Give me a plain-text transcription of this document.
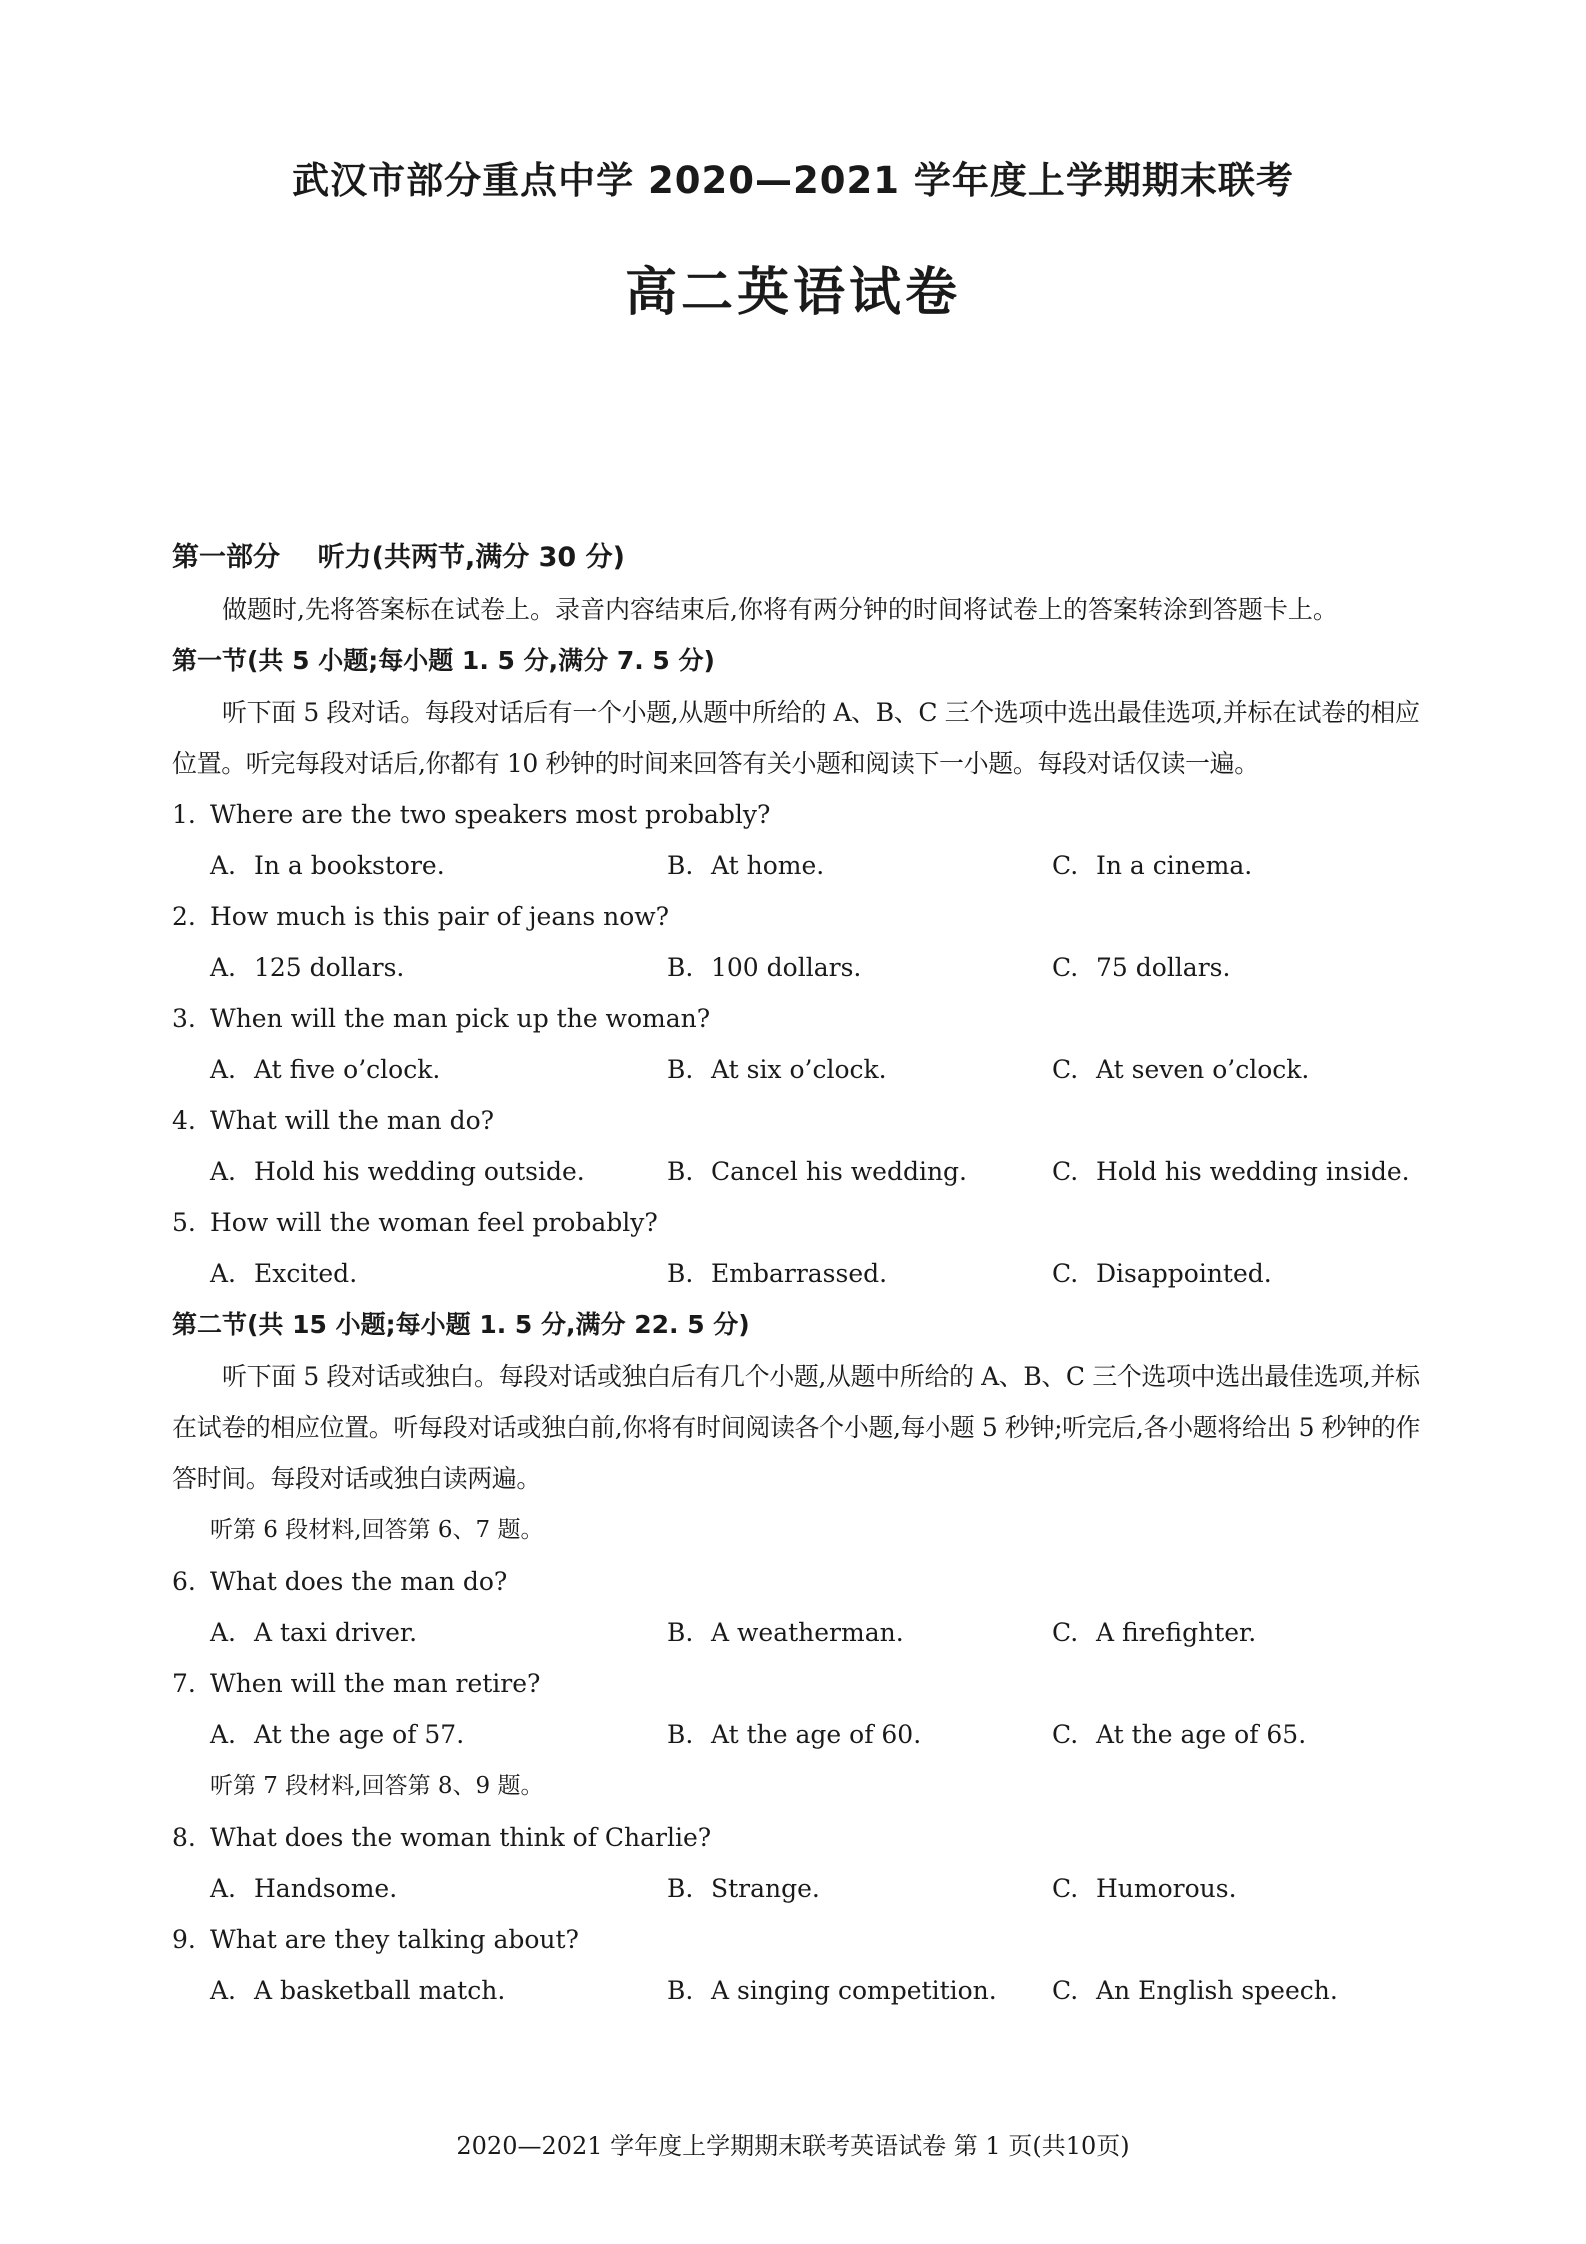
武汉市部分重点中学 2020—2021 学年度上学期期末联考
高二英语试卷
第一部分    听力(共两节,满分 30 分)
做题时,先将答案标在试卷上。录音内容结束后,你将有两分钟的时间将试卷上的答案转涂到答题卡上。
第一节(共 5 小题;每小题 1. 5 分,满分 7. 5 分)
听下面 5 段对话。每段对话后有一个小题,从题中所给的 A、B、C 三个选项中选出最佳选项,并标在试卷的相应位置。听完每段对话后,你都有 10 秒钟的时间来回答有关小题和阅读下一小题。每段对话仅读一遍。
1. Where are the two speakers most probably?
A. In a bookstore.	B. At home.	C. In a cinema.
2. How much is this pair of jeans now?
A. 125 dollars.	B. 100 dollars.	C. 75 dollars.
3. When will the man pick up the woman?
A. At five o’clock.	B. At six o’clock.	C. At seven o’clock.
4. What will the man do?
A. Hold his wedding outside.	B. Cancel his wedding.	C. Hold his wedding inside.
5. How will the woman feel probably?
A. Excited.	B. Embarrassed.	C. Disappointed.
第二节(共 15 小题;每小题 1. 5 分,满分 22. 5 分)
听下面 5 段对话或独白。每段对话或独白后有几个小题,从题中所给的 A、B、C 三个选项中选出最佳选项,并标在试卷的相应位置。听每段对话或独白前,你将有时间阅读各个小题,每小题 5 秒钟;听完后,各小题将给出 5 秒钟的作答时间。每段对话或独白读两遍。
听第 6 段材料,回答第 6、7 题。
6. What does the man do?
A. A taxi driver.	B. A weatherman.	C. A firefighter.
7. When will the man retire?
A. At the age of 57.	B. At the age of 60.	C. At the age of 65.
听第 7 段材料,回答第 8、9 题。
8. What does the woman think of Charlie?
A. Handsome.	B. Strange.	C. Humorous.
9. What are they talking about?
A. A basketball match.	B. A singing competition. C. An English speech.
2020—2021 学年度上学期期末联考英语试卷 第 1 页(共10页)
